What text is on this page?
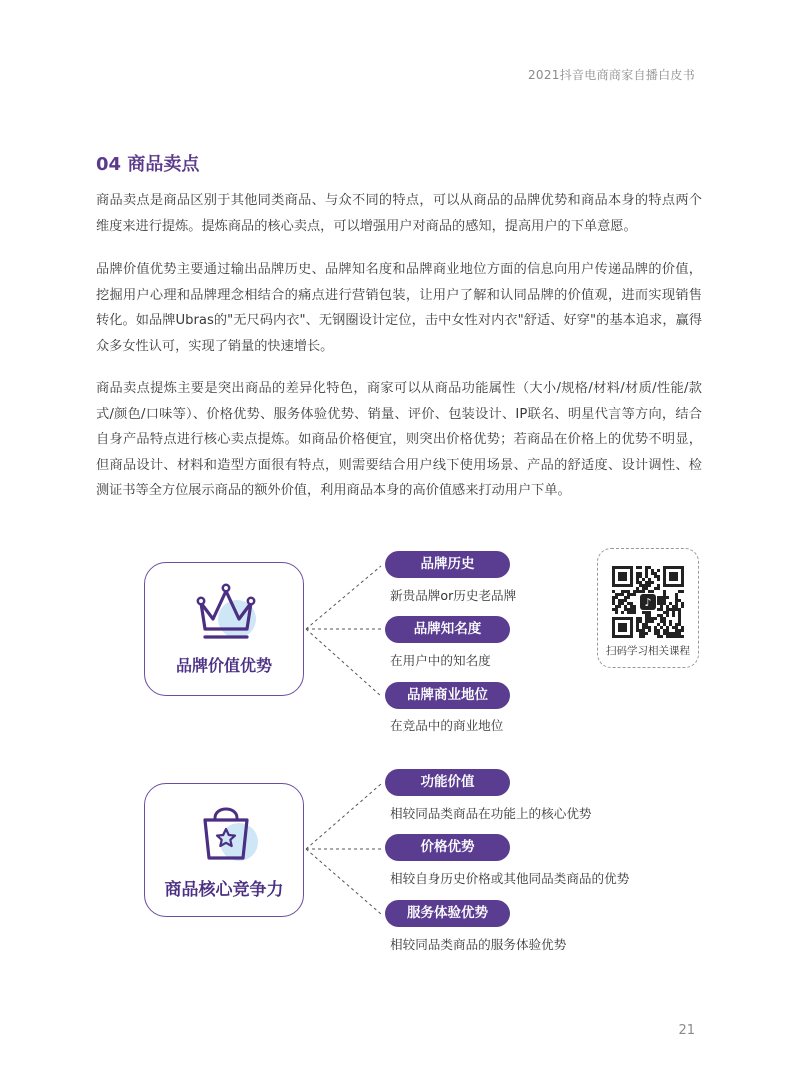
2021抖音电商商家自播白皮书
04 商品卖点
商品卖点是商品区别于其他同类商品、与众不同的特点，可以从商品的品牌优势和商品本身的特点两个维度来进行提炼。提炼商品的核心卖点，可以增强用户对商品的感知，提高用户的下单意愿。
品牌价值优势主要通过输出品牌历史、品牌知名度和品牌商业地位方面的信息向用户传递品牌的价值，挖掘用户心理和品牌理念相结合的痛点进行营销包装，让用户了解和认同品牌的价值观，进而实现销售转化。如品牌Ubras的"无尺码内衣"、无钢圈设计定位，击中女性对内衣"舒适、好穿"的基本追求，赢得众多女性认可，实现了销量的快速增长。
商品卖点提炼主要是突出商品的差异化特色，商家可以从商品功能属性（大小/规格/材料/材质/性能/款式/颜色/口味等）、价格优势、服务体验优势、销量、评价、包装设计、IP联名、明星代言等方向，结合自身产品特点进行核心卖点提炼。如商品价格便宜，则突出价格优势；若商品在价格上的优势不明显，但商品设计、材料和造型方面很有特点，则需要结合用户线下使用场景、产品的舒适度、设计调性、检测证书等全方位展示商品的额外价值，利用商品本身的高价值感来打动用户下单。
品牌价值优势
品牌历史
新贵品牌or历史老品牌
品牌知名度
在用户中的知名度
品牌商业地位
在竞品中的商业地位
商品核心竞争力
功能价值
相较同品类商品在功能上的核心优势
价格优势
相较自身历史价格或其他同品类商品的优势
服务体验优势
相较同品类商品的服务体验优势
♪
扫码学习相关课程
21
